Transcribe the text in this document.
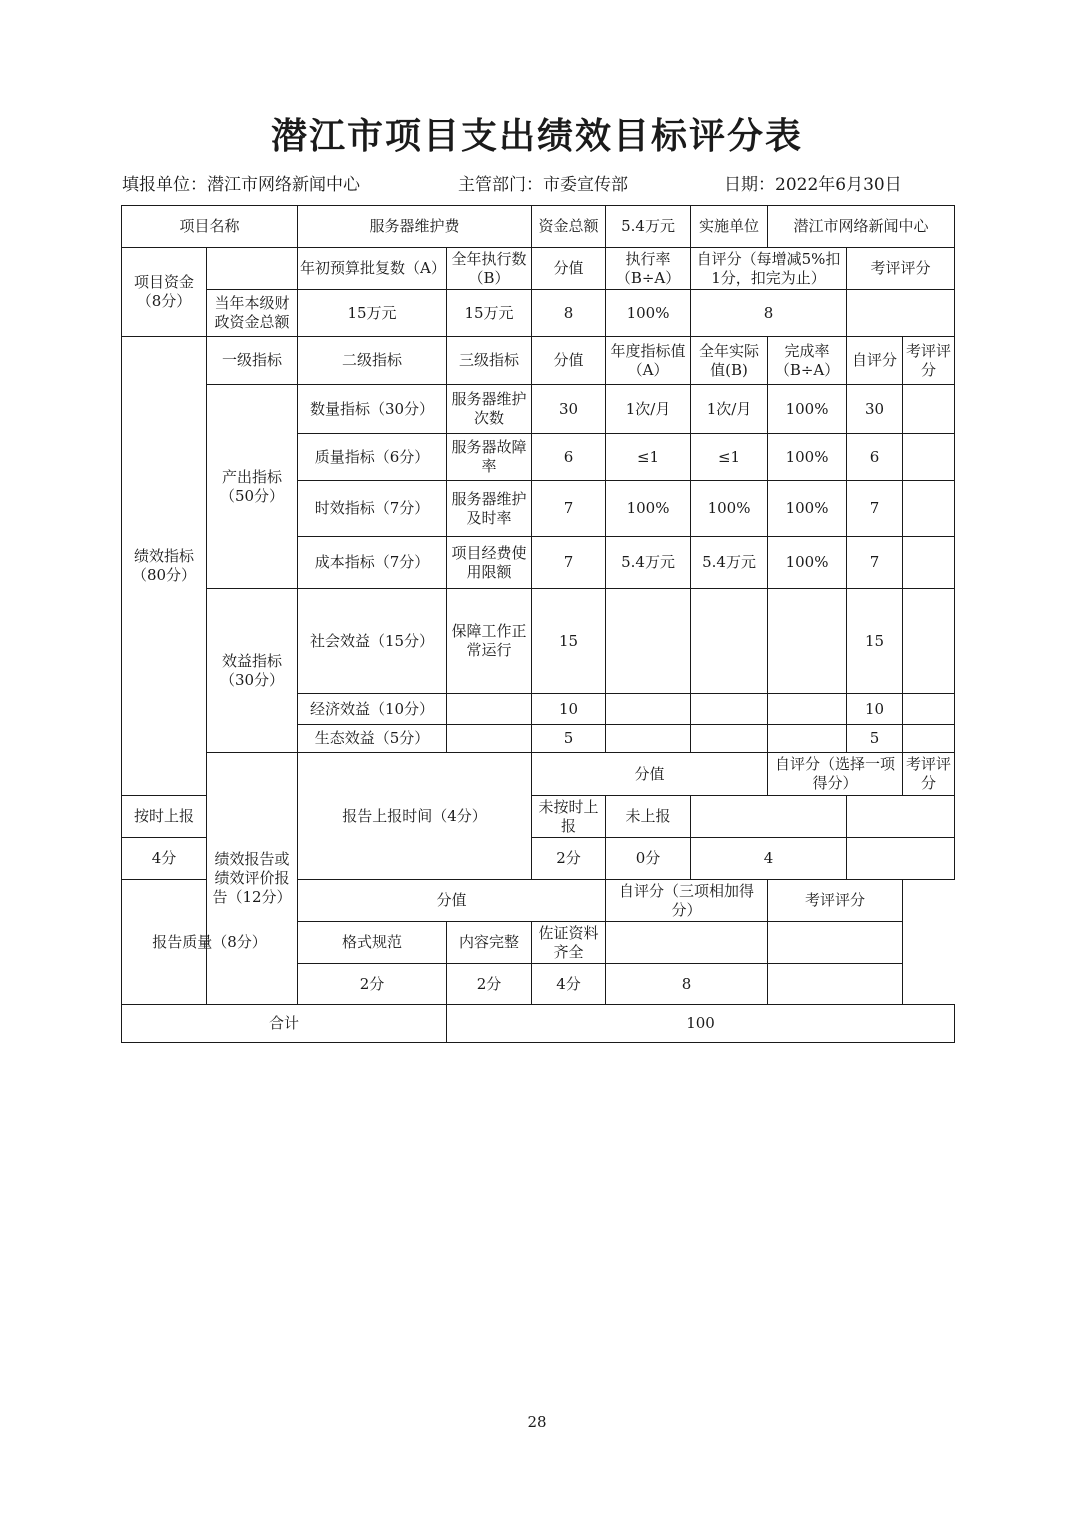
潜江市项目支出绩效目标评分表
填报单位：潜江市网络新闻中心	主管部门：市委宣传部	日期：2022年6月30日
项目名称		服务器维护费		资金总额	5.4万元	实施单位	潜江市网络新闻中心			
项目资金（8分）		年初预算批复数（A）	全年执行数（B）	分值	执行率（B÷A）	自评分（每增减5%扣1分，扣完为止）		考评评分		
	当年本级财政资金总额	15万元	15万元	8	100%	8				
绩效指标（80分）	一级指标	二级指标	三级指标	分值	年度指标值（A）	全年实际值(B)	完成率（B÷A）	自评分	考评评分	
	产出指标（50分）	数量指标（30分）	服务器维护次数	30	1次/月	1次/月	100%	30		
		质量指标（6分）	服务器故障率	6	≤1	≤1	100%	6		
		时效指标（7分）	服务器维护及时率	7	100%	100%	100%	7		
		成本指标（7分）	项目经费使用限额	7	5.4万元	5.4万元	100%	7		
	效益指标（30分）	社会效益（15分）	保障工作正常运行	15				15		
		经济效益（10分）		10				10		
		生态效益（5分）		5				5		
	绩效报告或绩效评价报告（12分）	报告上报时间（4分）		分值			自评分（选择一项得分）		考评评分	
按时上报				未按时上报	未上报					
4分				2分	0分	4				
报告质量（8分）		分值			自评分（三项相加得分）		考评评分			
		格式规范	内容完整	佐证资料齐全						
		2分	2分	4分	8					
合计			100							
28
